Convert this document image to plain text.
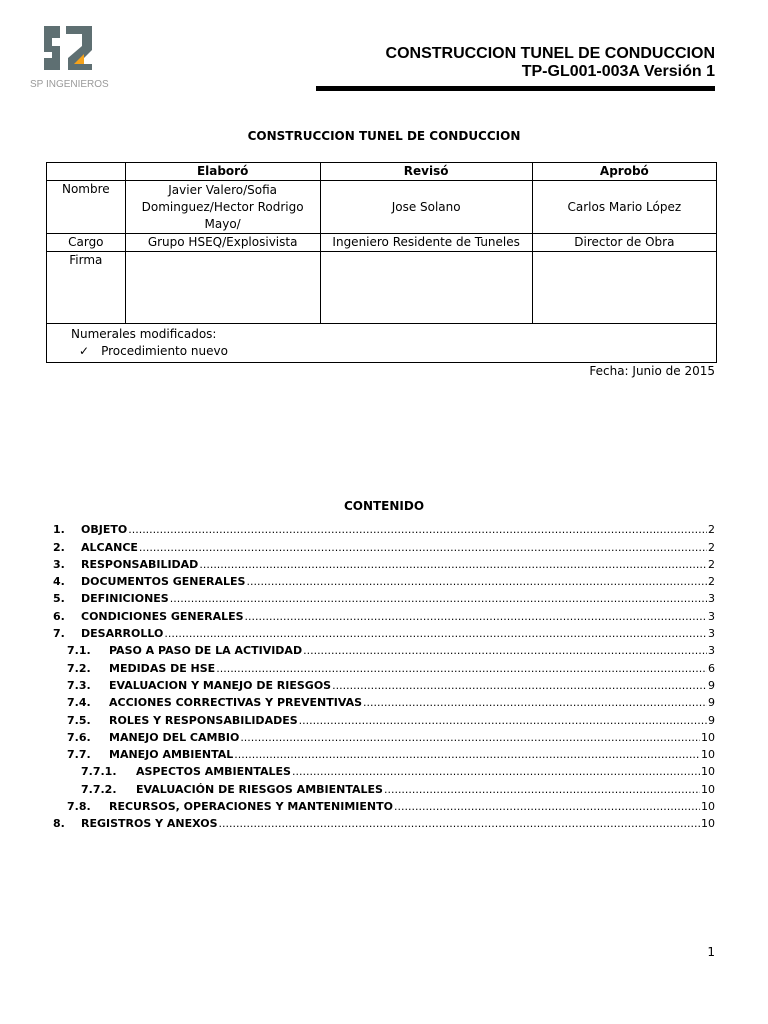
SP INGENIEROS
CONSTRUCCION TUNEL DE CONDUCCION
TP-GL001-003A Versión 1
CONSTRUCCION TUNEL DE CONDUCCION
	Elaboró	Revisó	Aprobó
Nombre	Javier Valero/Sofia Dominguez/Hector Rodrigo Mayo/	Jose Solano	Carlos Mario López
Cargo	Grupo HSEQ/Explosivista	Ingeniero Residente de Tuneles	Director de Obra
Firma			

Numerales modificados:
✓ Procedimiento nuevo			
Fecha: Junio de 2015
CONTENIDO
1.	OBJETO .....	2
2.	ALCANCE .....	2
3.	RESPONSABILIDAD .....	2
4.	DOCUMENTOS GENERALES .....	2
5.	DEFINICIONES .....	3
6.	CONDICIONES GENERALES .....	3
7.	DESARROLLO .....	3
7.1.	PASO A PASO DE LA ACTIVIDAD .....	3
7.2.	MEDIDAS DE HSE .....	6
7.3.	EVALUACION Y MANEJO DE RIESGOS .....	9
7.4.	ACCIONES CORRECTIVAS Y PREVENTIVAS .....	9
7.5.	ROLES Y RESPONSABILIDADES .....	9
7.6.	MANEJO DEL CAMBIO .....	10
7.7.	MANEJO AMBIENTAL .....	10
7.7.1.	ASPECTOS AMBIENTALES .....	10
7.7.2.	EVALUACIÓN DE RIESGOS AMBIENTALES .....	10
7.8.	RECURSOS, OPERACIONES Y MANTENIMIENTO .....	10
8.	REGISTROS Y ANEXOS .....	10
1
